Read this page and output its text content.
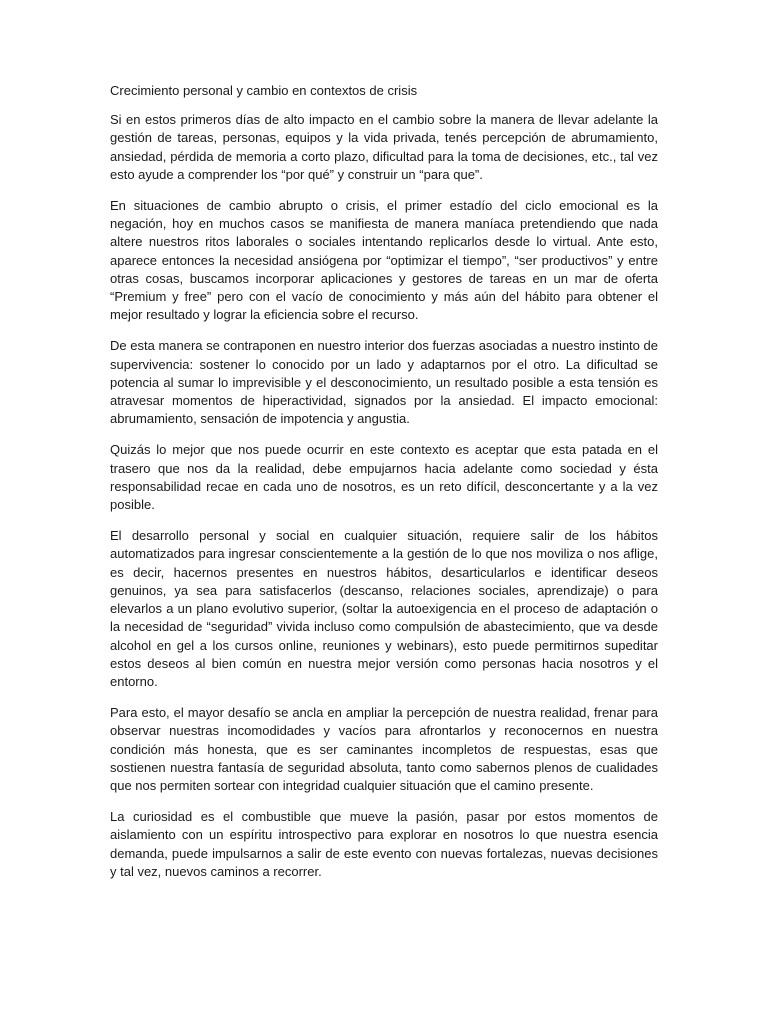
Crecimiento personal y cambio en contextos de crisis

Si en estos primeros días de alto impacto en el cambio sobre la manera de llevar adelante la gestión de tareas, personas, equipos y la vida privada, tenés percepción de abrumamiento, ansiedad, pérdida de memoria a corto plazo, dificultad para la toma de decisiones, etc., tal vez esto ayude a comprender los “por qué” y construir un “para que”.

En situaciones de cambio abrupto o crisis, el primer estadío del ciclo emocional es la negación, hoy en muchos casos se manifiesta de manera maníaca pretendiendo que nada altere nuestros ritos laborales o sociales intentando replicarlos desde lo virtual. Ante esto, aparece entonces la necesidad ansiógena por “optimizar el tiempo”, “ser productivos” y entre otras cosas, buscamos incorporar aplicaciones y gestores de tareas en un mar de oferta “Premium y free” pero con el vacío de conocimiento y más aún del hábito para obtener el mejor resultado y lograr la eficiencia sobre el recurso.

De esta manera se contraponen en nuestro interior dos fuerzas asociadas a nuestro instinto de supervivencia: sostener lo conocido por un lado y adaptarnos por el otro. La dificultad se potencia al sumar lo imprevisible y el desconocimiento, un resultado posible a esta tensión es atravesar momentos de hiperactividad, signados por la ansiedad. El impacto emocional: abrumamiento, sensación de impotencia y angustia.

Quizás lo mejor que nos puede ocurrir en este contexto es aceptar que esta patada en el trasero que nos da la realidad, debe empujarnos hacia adelante como sociedad y ésta responsabilidad recae en cada uno de nosotros, es un reto difícil, desconcertante y a la vez posible.

El desarrollo personal y social en cualquier situación, requiere salir de los hábitos automatizados para ingresar conscientemente a la gestión de lo que nos moviliza o nos aflige, es decir, hacernos presentes en nuestros hábitos, desarticularlos e identificar deseos genuinos, ya sea para satisfacerlos (descanso, relaciones sociales, aprendizaje) o para elevarlos a un plano evolutivo superior, (soltar la autoexigencia en el proceso de adaptación o la necesidad de “seguridad” vivida incluso como compulsión de abastecimiento, que va desde alcohol en gel a los cursos online, reuniones y webinars), esto puede permitirnos supeditar estos deseos al bien común en nuestra mejor versión como personas hacia nosotros y el entorno.

Para esto, el mayor desafío se ancla en ampliar la percepción de nuestra realidad, frenar para observar nuestras incomodidades y vacíos para afrontarlos y reconocernos en nuestra condición más honesta, que es ser caminantes incompletos de respuestas, esas que sostienen nuestra fantasía de seguridad absoluta, tanto como sabernos plenos de cualidades que nos permiten sortear con integridad cualquier situación que el camino presente.

La curiosidad es el combustible que mueve la pasión, pasar por estos momentos de aislamiento con un espíritu introspectivo para explorar en nosotros lo que nuestra esencia demanda, puede impulsarnos a salir de este evento con nuevas fortalezas, nuevas decisiones y tal vez, nuevos caminos a recorrer.
